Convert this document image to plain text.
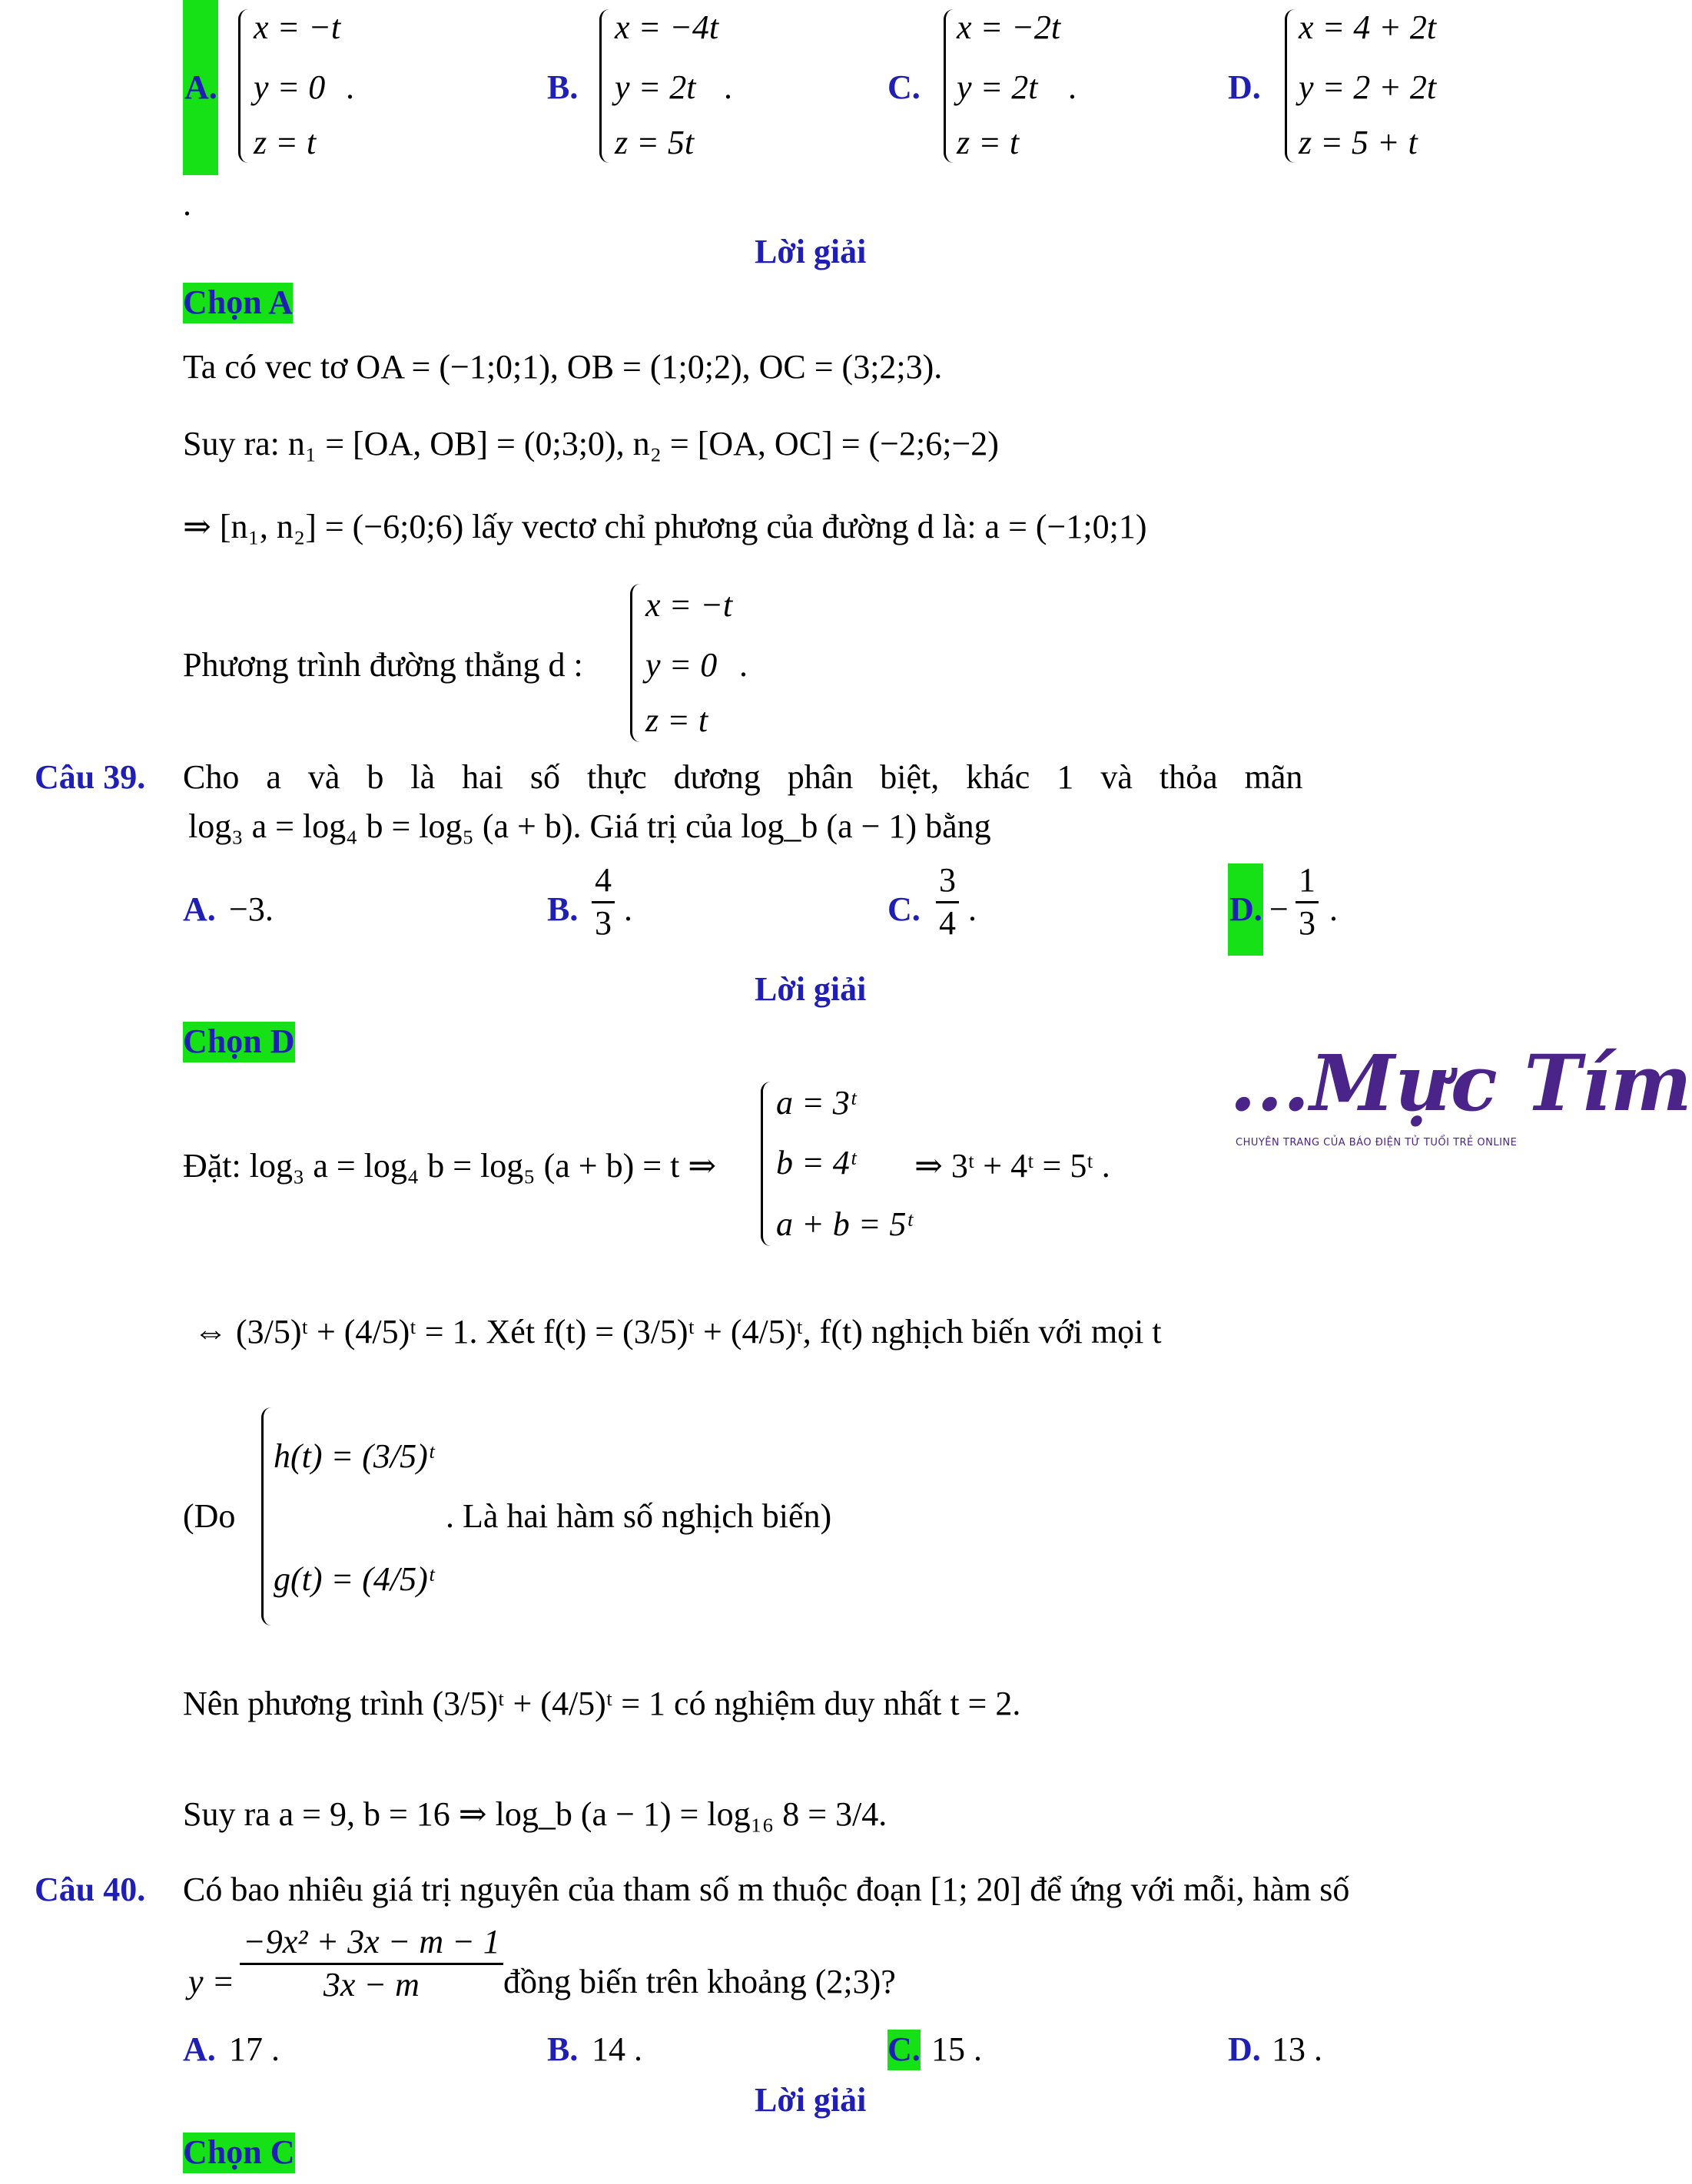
A.
x = −t
y = 0
z = t
.	B.
x = −4t
y = 2t
z = 5t
.	C.
x = −2t
y = 2t
z = t
.	D.
x = 4 + 2t
y = 2 + 2t
z = 5 + t
.
Lời giải
Chọn A
Ta có vec tơ OA = (−1;0;1), OB = (1;0;2), OC = (3;2;3).
Suy ra: n₁ = [OA, OB] = (0;3;0), n₂ = [OA, OC] = (−2;6;−2)
⇒ [n₁, n₂] = (−6;0;6) lấy vectơ chỉ phương của đường d là: a = (−1;0;1)
Phương trình đường thẳng d :
x = −t
y = 0
z = t
.
Câu 39. Cho a và b là hai số thực dương phân biệt, khác 1 và thỏa mãn
log₃ a = log₄ b = log₅ (a + b). Giá trị của log_b (a − 1) bằng
A. −3.	B. $\frac{4}{3}$ .	C. $\frac{3}{4}$ .	D. − $\frac{1}{3}$ .
Lời giải
Chọn D	...Mực Tím
CHUYÊN TRANG CỦA BÁO ĐIỆN TỬ TUỔI TRẺ ONLINE
Đặt: log₃ a = log₄ b = log₅ (a + b) = t ⇒
a = 3ᵗ
b = 4ᵗ
a + b = 5ᵗ
⇒ 3ᵗ + 4ᵗ = 5ᵗ .
⇔ (3/5)ᵗ + (4/5)ᵗ = 1. Xét f(t) = (3/5)ᵗ + (4/5)ᵗ, f(t) nghịch biến với mọi t
(Do
h(t) = (3/5)ᵗ
g(t) = (4/5)ᵗ
. Là hai hàm số nghịch biến)
Nên phương trình (3/5)ᵗ + (4/5)ᵗ = 1 có nghiệm duy nhất t = 2.
Suy ra a = 9, b = 16 ⇒ log_b (a − 1) = log₁₆ 8 = 3/4.
Câu 40. Có bao nhiêu giá trị nguyên của tham số m thuộc đoạn [1; 20] để ứng với mỗi, hàm số
$y = \frac{\text{−9x² + 3x − m − 1}}{3x - m}$ đồng biến trên khoảng (2;3)?
A. 17 .	B. 14 .	C. 15 .	D. 13 .
Lời giải
Chọn C
